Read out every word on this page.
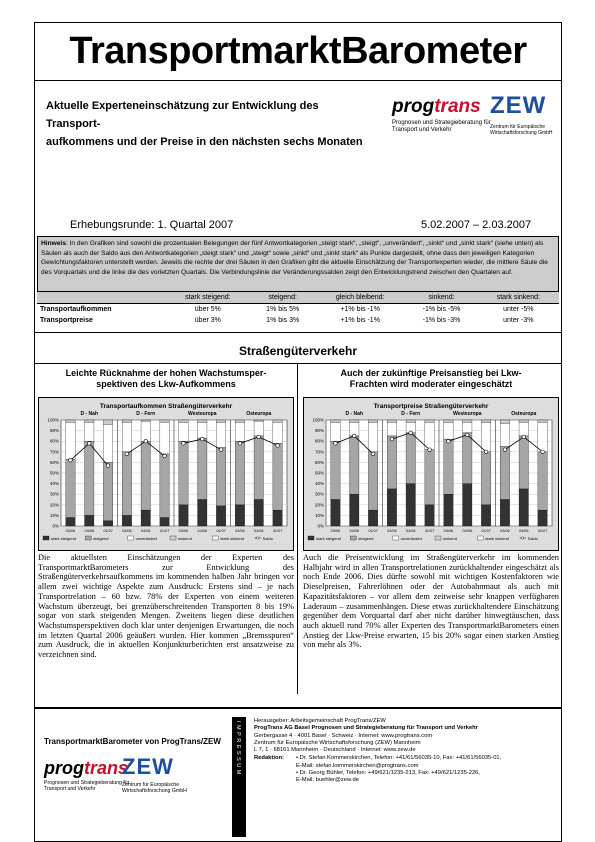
TransportmarktBarometer
Aktuelle Experteneinschätzung zur Entwicklung des Transport-
aufkommens und der Preise in den nächsten sechs Monaten
progtrans
Prognosen und Strategieberatung für Transport und Verkehr
ZEW
Zentrum für Europäische Wirtschaftsforschung GmbH
Erhebungsrunde: 1. Quartal 2007	5.02.2007 – 2.03.2007
Hinweis: In den Grafiken sind sowohl die prozentualen Belegungen der fünf Antwortkategorien „steigt stark“, „steigt“, „unverändert“, „sinkt“ und „sinkt stark“ (siehe unten) als Säulen als auch der Saldo aus den Antwortkategorien „steigt stark“ und „steigt“ sowie „sinkt“ und „sinkt stark“ als Punkte dargestellt, ohne dass den jeweiligen Kategorien Gewichtungsfaktoren unterstellt werden. Jeweils die rechte der drei Säulen in den Grafiken gibt die aktuelle Einschätzung der Transportexperten wieder, die mittlere Säule die des Vorquartals und die linke die des vorletzten Quartals. Die Verbindungslinie der Veränderungssalden zeigt den Entwicklungstrend zwischen den Quartalen auf.
	stark steigend:	steigend:	gleich bleibend:	sinkend:	stark sinkend:
Transportaufkommen	über 5%	1% bis 5%	+1% bis -1%	-1% bis -5%	unter -5%
Transportpreise	über 3%	1% bis 3%	+1% bis -1%	-1% bis -3%	unter -3%
Straßengüterverkehr
Leichte Rücknahme der hohen Wachstumsper-
spektiven des Lkw-Aufkommens
Transportaufkommen Straßengüterverkehr
0%
10%
20%
30%
40%
50%
60%
70%
80%
90%
100%
D - Nah	D - Fern	Westeuropa	Osteuropa
03/06 04/06 01/07 03/06 04/06 01/07 03/06 04/06 01/07 03/06 04/06 01/07
stark steigend	steigend	unverändert	sinkend	stark sinkend	Saldo
Die aktuellsten Einschätzungen der Experten des TransportmarktBarometers zur Entwicklung des Straßengüterverkehrsaufkommens im kommenden halben Jahr bringen vor allem zwei wichtige Aspekte zum Ausdruck: Erstens sind – je nach Transportrelation – 60 bzw. 78% der Experten von einem weiteren Wachstum überzeugt, bei grenzüberschreitenden Transporten 8 bis 19% sogar von stark steigenden Mengen. Zweitens liegen diese deutlichen Wachstumsperspektiven doch klar unter denjenigen Erwartungen, die noch im letzten Quartal 2006 geäußert wurden. Hier kommen „Bremsspuren“ zum Ausdruck, die in aktuellen Konjunkturberichten erst ansatzweise zu verzeichnen sind.
Auch der zukünftige Preisanstieg bei Lkw-
Frachten wird moderater eingeschätzt
Transportpreise Straßengüterverkehr
0%
10%
20%
30%
40%
50%
60%
70%
80%
90%
100%
D - Nah	D - Fern	Westeuropa	Osteuropa
03/06 04/06 01/07 03/06 04/06 01/07 03/06 04/06 01/07 03/06 04/06 01/07
stark steigend	steigend	unverändert	sinkend	stark sinkend	Saldo
Auch die Preisentwicklung im Straßengüterverkehr im kommenden Halbjahr wird in allen Transportrelationen zurückhaltender eingeschätzt als noch Ende 2006. Dies dürfte sowohl mit wichtigen Kostenfaktoren wie Dieselpreisen, Fahrerlöhnen oder der Autobahnmaut als auch mit Kapazitätsfaktoren – vor allem dem zeitweise sehr knappen verfügbaren Laderaum – zusammenhängen. Diese etwas zurückhaltendere Einschätzung gegenüber dem Vorquartal darf aber nicht darüber hinwegtäuschen, dass auch aktuell rund 70% aller Experten des TransportmarktBarometers einen Anstieg der Lkw-Preise erwarten, 15 bis 20% sogar einen starken Anstieg von mehr als 3%.
TransportmarktBarometer von ProgTrans/ZEW
progtrans
Prognosen und Strategieberatung für Transport und Verkehr
ZEW
Zentrum für Europäische Wirtschaftsforschung GmbH
IMPRESSUM Herausgeber: Arbeitsgemeinschaft ProgTrans/ZEW
ProgTrans AG Basel Prognosen und Strategieberatung für Transport und Verkehr
Gerbergasse 4 · 4001 Basel · Schweiz · Internet: www.progtrans.com
Zentrum für Europäische Wirtschaftsforschung (ZEW) Mannheim
L 7, 1 · 68161 Mannheim · Deutschland · Internet: www.zew.de
Redaktion:	• Dr. Stefan Kommerskirchen, Telefon: +41/61/56035-10, Fax: +41/61/56035-01,
E-Mail: stefan.kommerskirchen@progtrans.com
• Dr. Georg Bühler, Telefon: +49/621/1235-213, Fax: +49/621/1235-226,
E-Mail: buehler@zew.de
